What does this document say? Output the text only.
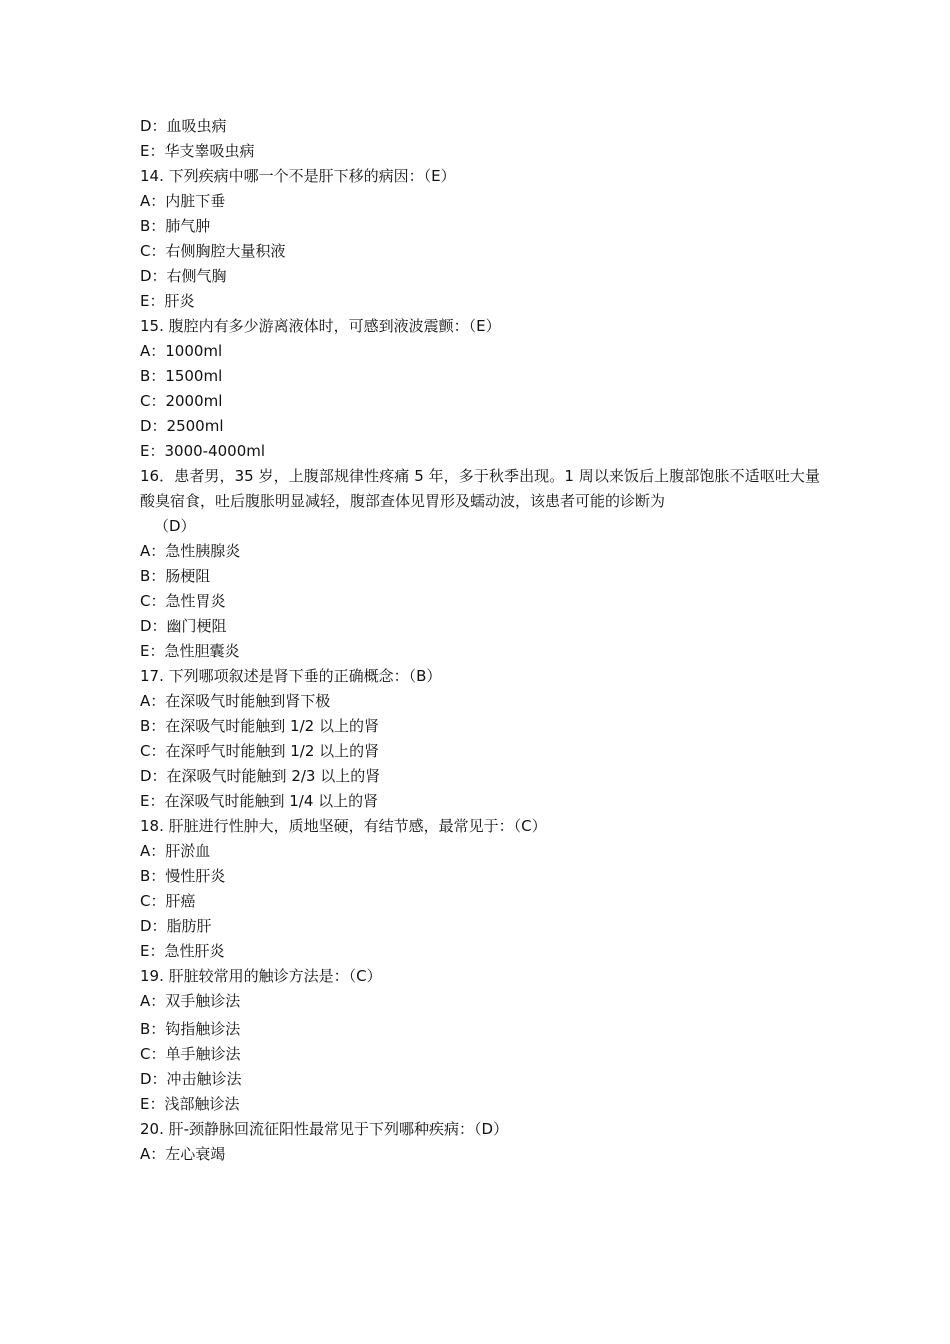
D：血吸虫病

E：华支睾吸虫病

14. 下列疾病中哪一个不是肝下移的病因：（E）

A：内脏下垂

B：肺气肿

C：右侧胸腔大量积液

D：右侧气胸

E：肝炎

15. 腹腔内有多少游离液体时，可感到液波震颤：（E）

A：1000ml

B：1500ml

C：2000ml

D：2500ml

E：3000-4000ml

16．患者男，35 岁，上腹部规律性疼痛 5 年，多于秋季出现。1 周以来饭后上腹部饱胀不适呕吐大量酸臭宿食，吐后腹胀明显减轻，腹部查体见胃形及蠕动波，该患者可能的诊断为

（D）

A：急性胰腺炎

B：肠梗阻

C：急性胃炎

D：幽门梗阻

E：急性胆囊炎

17. 下列哪项叙述是肾下垂的正确概念：（B）

A：在深吸气时能触到肾下极

B：在深吸气时能触到 1/2 以上的肾

C：在深呼气时能触到 1/2 以上的肾

D：在深吸气时能触到 2/3 以上的肾

E：在深吸气时能触到 1/4 以上的肾

18. 肝脏进行性肿大，质地坚硬，有结节感，最常见于：（C）

A：肝淤血

B：慢性肝炎

C：肝癌

D：脂肪肝

E：急性肝炎

19. 肝脏较常用的触诊方法是：（C）

A：双手触诊法

B：钩指触诊法

C：单手触诊法

D：冲击触诊法

E：浅部触诊法

20. 肝-颈静脉回流征阳性最常见于下列哪种疾病：（D）

A：左心衰竭
